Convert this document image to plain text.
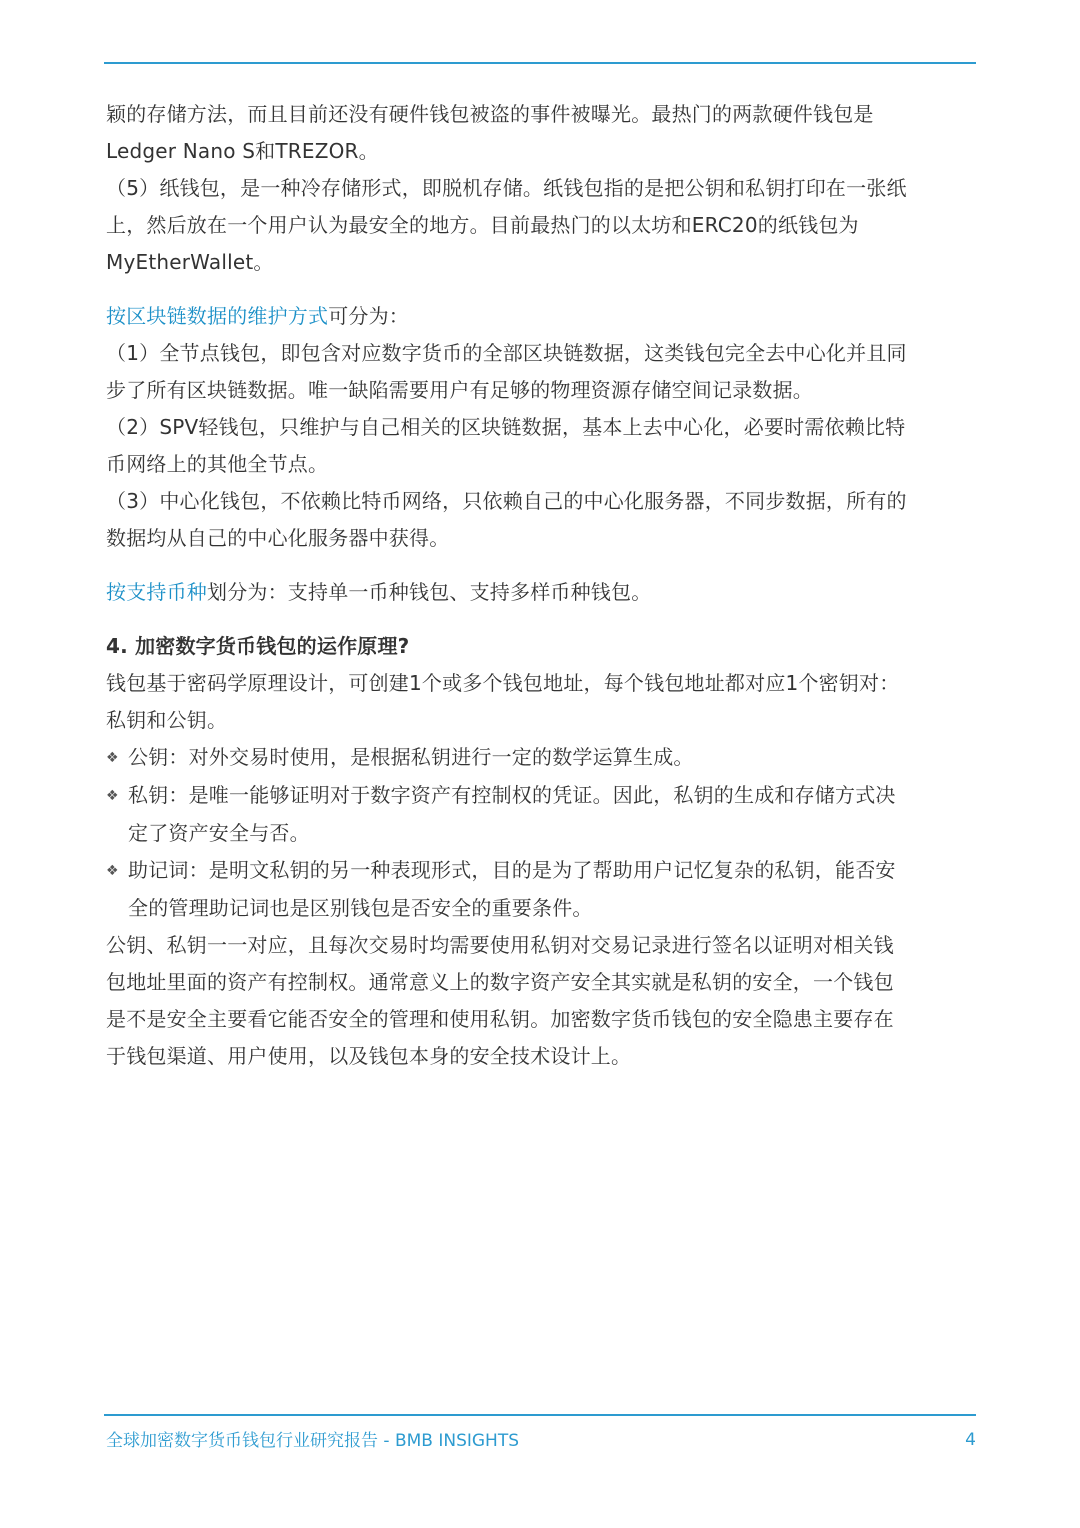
颖的存储方法，而且目前还没有硬件钱包被盗的事件被曝光。最热门的两款硬件钱包是
Ledger Nano S和TREZOR。
（5）纸钱包，是一种冷存储形式，即脱机存储。纸钱包指的是把公钥和私钥打印在一张纸
上，然后放在一个用户认为最安全的地方。目前最热门的以太坊和ERC20的纸钱包为
MyEtherWallet。
按区块链数据的维护方式可分为：
（1）全节点钱包，即包含对应数字货币的全部区块链数据，这类钱包完全去中心化并且同
步了所有区块链数据。唯一缺陷需要用户有足够的物理资源存储空间记录数据。
（2）SPV轻钱包，只维护与自己相关的区块链数据，基本上去中心化，必要时需依赖比特
币网络上的其他全节点。
（3）中心化钱包，不依赖比特币网络，只依赖自己的中心化服务器，不同步数据，所有的
数据均从自己的中心化服务器中获得。
按支持币种划分为：支持单一币种钱包、支持多样币种钱包。
4. 加密数字货币钱包的运作原理?
钱包基于密码学原理设计，可创建1个或多个钱包地址，每个钱包地址都对应1个密钥对：
私钥和公钥。
❖ 公钥：对外交易时使用，是根据私钥进行一定的数学运算生成。
❖ 私钥：是唯一能够证明对于数字资产有控制权的凭证。因此，私钥的生成和存储方式决
定了资产安全与否。
❖ 助记词：是明文私钥的另一种表现形式，目的是为了帮助用户记忆复杂的私钥，能否安
全的管理助记词也是区别钱包是否安全的重要条件。
公钥、私钥一一对应，且每次交易时均需要使用私钥对交易记录进行签名以证明对相关钱
包地址里面的资产有控制权。通常意义上的数字资产安全其实就是私钥的安全，一个钱包
是不是安全主要看它能否安全的管理和使用私钥。加密数字货币钱包的安全隐患主要存在
于钱包渠道、用户使用，以及钱包本身的安全技术设计上。
全球加密数字货币钱包行业研究报告 - BMB INSIGHTS	4
